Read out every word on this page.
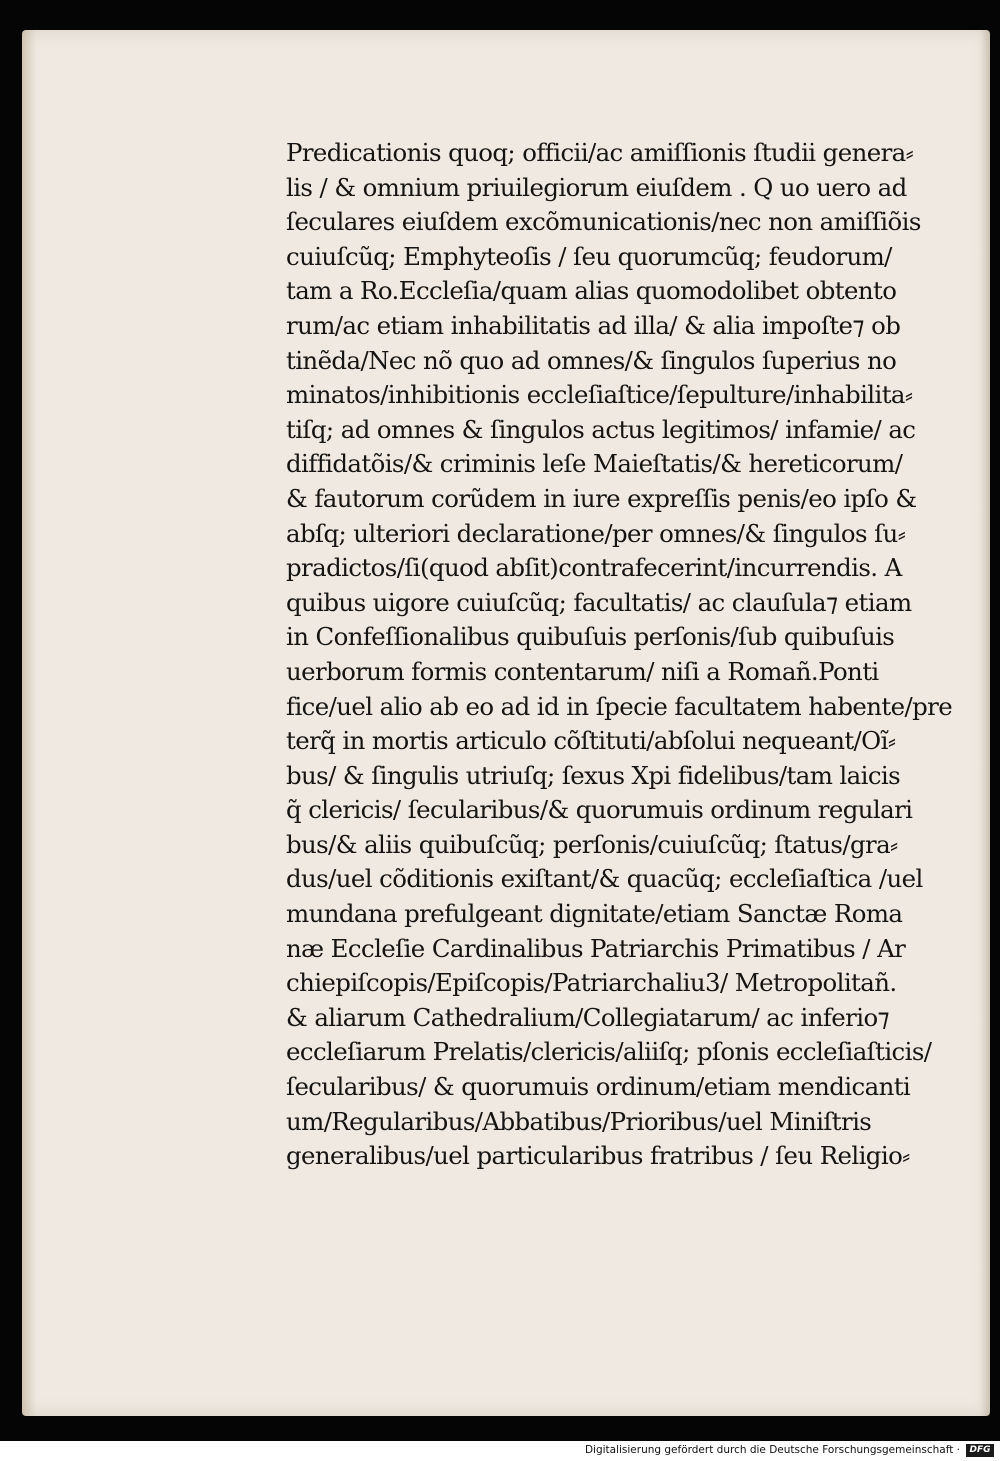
Predicationis quoq; officii/ac amiſſionis ſtudii genera⸗
lis / & omnium priuilegiorum eiuſdem . Q uo uero ad
ſeculares eiuſdem excõmunicationis/nec non amiſſiõis
cuiuſcũq; Emphyteoſis / ſeu quorumcũq; feudorum/
tam a Ro.Eccleſia/quam alias quomodolibet obtento
rum/ac etiam inhabilitatis ad illa/ & alia impoſte⁊ ob
tinẽda/Nec nõ quo ad omnes/& ſingulos ſuperius no
minatos/inhibitionis eccleſiaſtice/ſepulture/inhabilita⸗
tiſq; ad omnes & ſingulos actus legitimos/ infamie/ ac
diffidatõis/& criminis leſe Maieſtatis/& hereticorum/
& fautorum corũdem in iure expreſſis penis/eo ipſo &
abſq; ulteriori declaratione/per omnes/& ſingulos ſu⸗
pradictos/ſi(quod abſit)contrafecerint/incurrendis. A
quibus uigore cuiuſcũq; facultatis/ ac clauſula⁊ etiam
in Confeſſionalibus quibuſuis perſonis/ſub quibuſuis
uerborum formis contentarum/ niſi a Romañ.Ponti
fice/uel alio ab eo ad id in ſpecie facultatem habente/pre
terq̃ in mortis articulo cõſtituti/abſolui nequeant/Oĩ⸗
bus/ & ſingulis utriuſq; ſexus Xpi fidelibus/tam laicis
q̃ clericis/ ſecularibus/& quorumuis ordinum regulari
bus/& aliis quibuſcũq; perſonis/cuiuſcũq; ſtatus/gra⸗
dus/uel cõditionis exiſtant/& quacũq; eccleſiaſtica /uel
mundana prefulgeant dignitate/etiam Sanctæ Roma
næ Eccleſie Cardinalibus Patriarchis Primatibus / Ar
chiepiſcopis/Epiſcopis/Patriarchaliu3/ Metropolitañ.
& aliarum Cathedralium/Collegiatarum/ ac inferio⁊
eccleſiarum Prelatis/clericis/aliiſq; pſonis eccleſiaſticis/
ſecularibus/ & quorumuis ordinum/etiam mendicanti
um/Regularibus/Abbatibus/Prioribus/uel Miniſtris
generalibus/uel particularibus fratribus / ſeu Religio⸗
Digitalisierung gefördert durch die Deutsche Forschungsgemeinschaft ·	DFG
